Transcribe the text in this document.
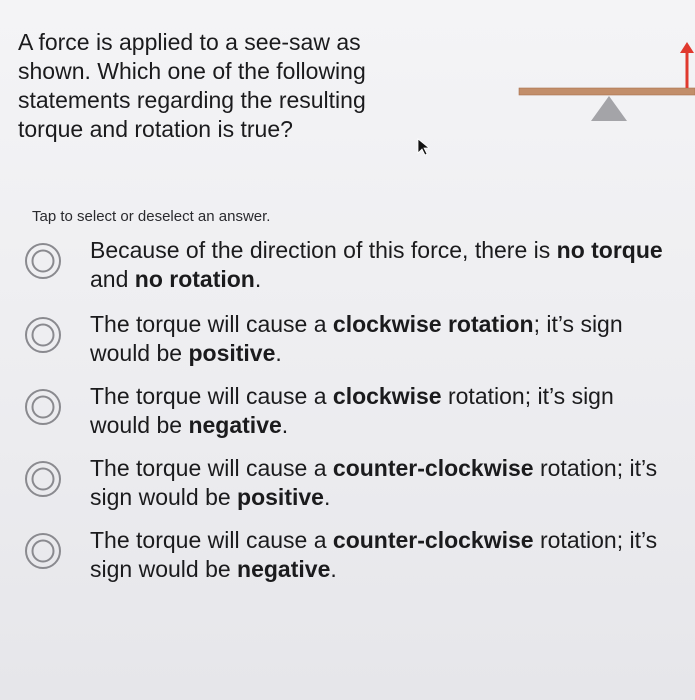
A force is applied to a see-saw as shown. Which one of the following statements regarding the resulting torque and rotation is true?

Tap to select or deselect an answer.
Because of the direction of this force, there is no torque and no rotation.
The torque will cause a clockwise rotation; it’s sign would be positive.
The torque will cause a clockwise rotation; it’s sign would be negative.
The torque will cause a counter-clockwise rotation; it’s sign would be positive.
The torque will cause a counter-clockwise rotation; it’s sign would be negative.
